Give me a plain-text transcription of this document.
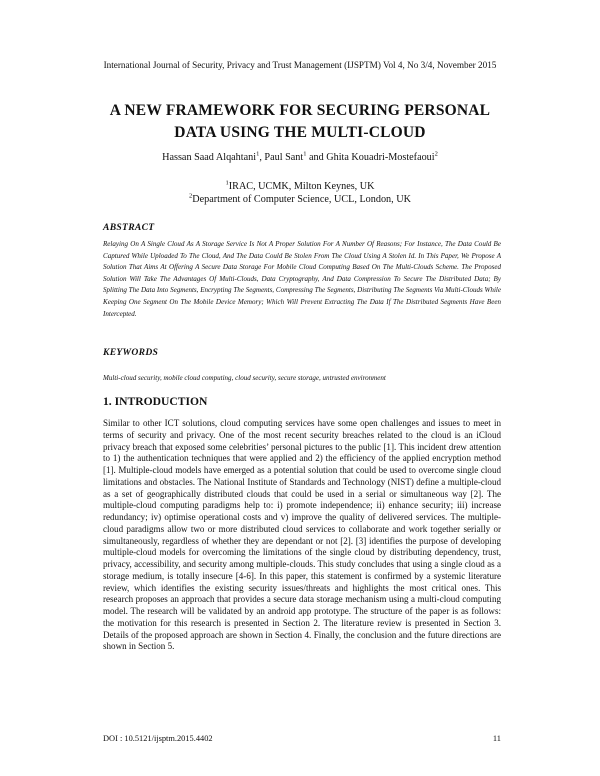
International Journal of Security, Privacy and Trust Management (IJSPTM) Vol 4, No 3/4, November 2015
A NEW FRAMEWORK FOR SECURING PERSONAL
DATA USING THE MULTI-CLOUD
Hassan Saad Alqahtani$^1$, Paul Sant$^1$ and Ghita Kouadri-Mostefaoui$^2$
$^1$IRAC, UCMK, Milton Keynes, UK
$^2$Department of Computer Science, UCL, London, UK
ABSTRACT
Relaying On A Single Cloud As A Storage Service Is Not A Proper Solution For A Number Of Reasons; For Instance, The Data Could Be Captured While Uploaded To The Cloud, And The Data Could Be Stolen From The Cloud Using A Stolen Id. In This Paper, We Propose A Solution That Aims At Offering A Secure Data Storage For Mobile Cloud Computing Based On The Multi-Clouds Scheme. The Proposed Solution Will Take The Advantages Of Multi-Clouds, Data Cryptography, And Data Compression To Secure The Distributed Data; By Splitting The Data Into Segments, Encrypting The Segments, Compressing The Segments, Distributing The Segments Via Multi-Clouds While Keeping One Segment On The Mobile Device Memory; Which Will Prevent Extracting The Data If The Distributed Segments Have Been Intercepted.
KEYWORDS
Multi-cloud security, mobile cloud computing, cloud security, secure storage, untrusted environment
1. INTRODUCTION
Similar to other ICT solutions, cloud computing services have some open challenges and issues to meet in terms of security and privacy. One of the most recent security breaches related to the cloud is an iCloud privacy breach that exposed some celebrities’ personal pictures to the public [1]. This incident drew attention to 1) the authentication techniques that were applied and 2) the efficiency of the applied encryption method [1]. Multiple-cloud models have emerged as a potential solution that could be used to overcome single cloud limitations and obstacles. The National Institute of Standards and Technology (NIST) define a multiple-cloud as a set of geographically distributed clouds that could be used in a serial or simultaneous way [2]. The multiple-cloud computing paradigms help to: i) promote independence; ii) enhance security; iii) increase redundancy; iv) optimise operational costs and v) improve the quality of delivered services. The multiple-cloud paradigms allow two or more distributed cloud services to collaborate and work together serially or simultaneously, regardless of whether they are dependant or not [2]. [3] identifies the purpose of developing multiple-cloud models for overcoming the limitations of the single cloud by distributing dependency, trust, privacy, accessibility, and security among multiple-clouds. This study concludes that using a single cloud as a storage medium, is totally insecure [4-6]. In this paper, this statement is confirmed by a systemic literature review, which identifies the existing security issues/threats and highlights the most critical ones. This research proposes an approach that provides a secure data storage mechanism using a multi-cloud computing model. The research will be validated by an android app prototype. The structure of the paper is as follows: the motivation for this research is presented in Section 2. The literature review is presented in Section 3. Details of the proposed approach are shown in Section 4. Finally, the conclusion and the future directions are shown in Section 5.
DOI : 10.5121/ijsptm.2015.4402	11
